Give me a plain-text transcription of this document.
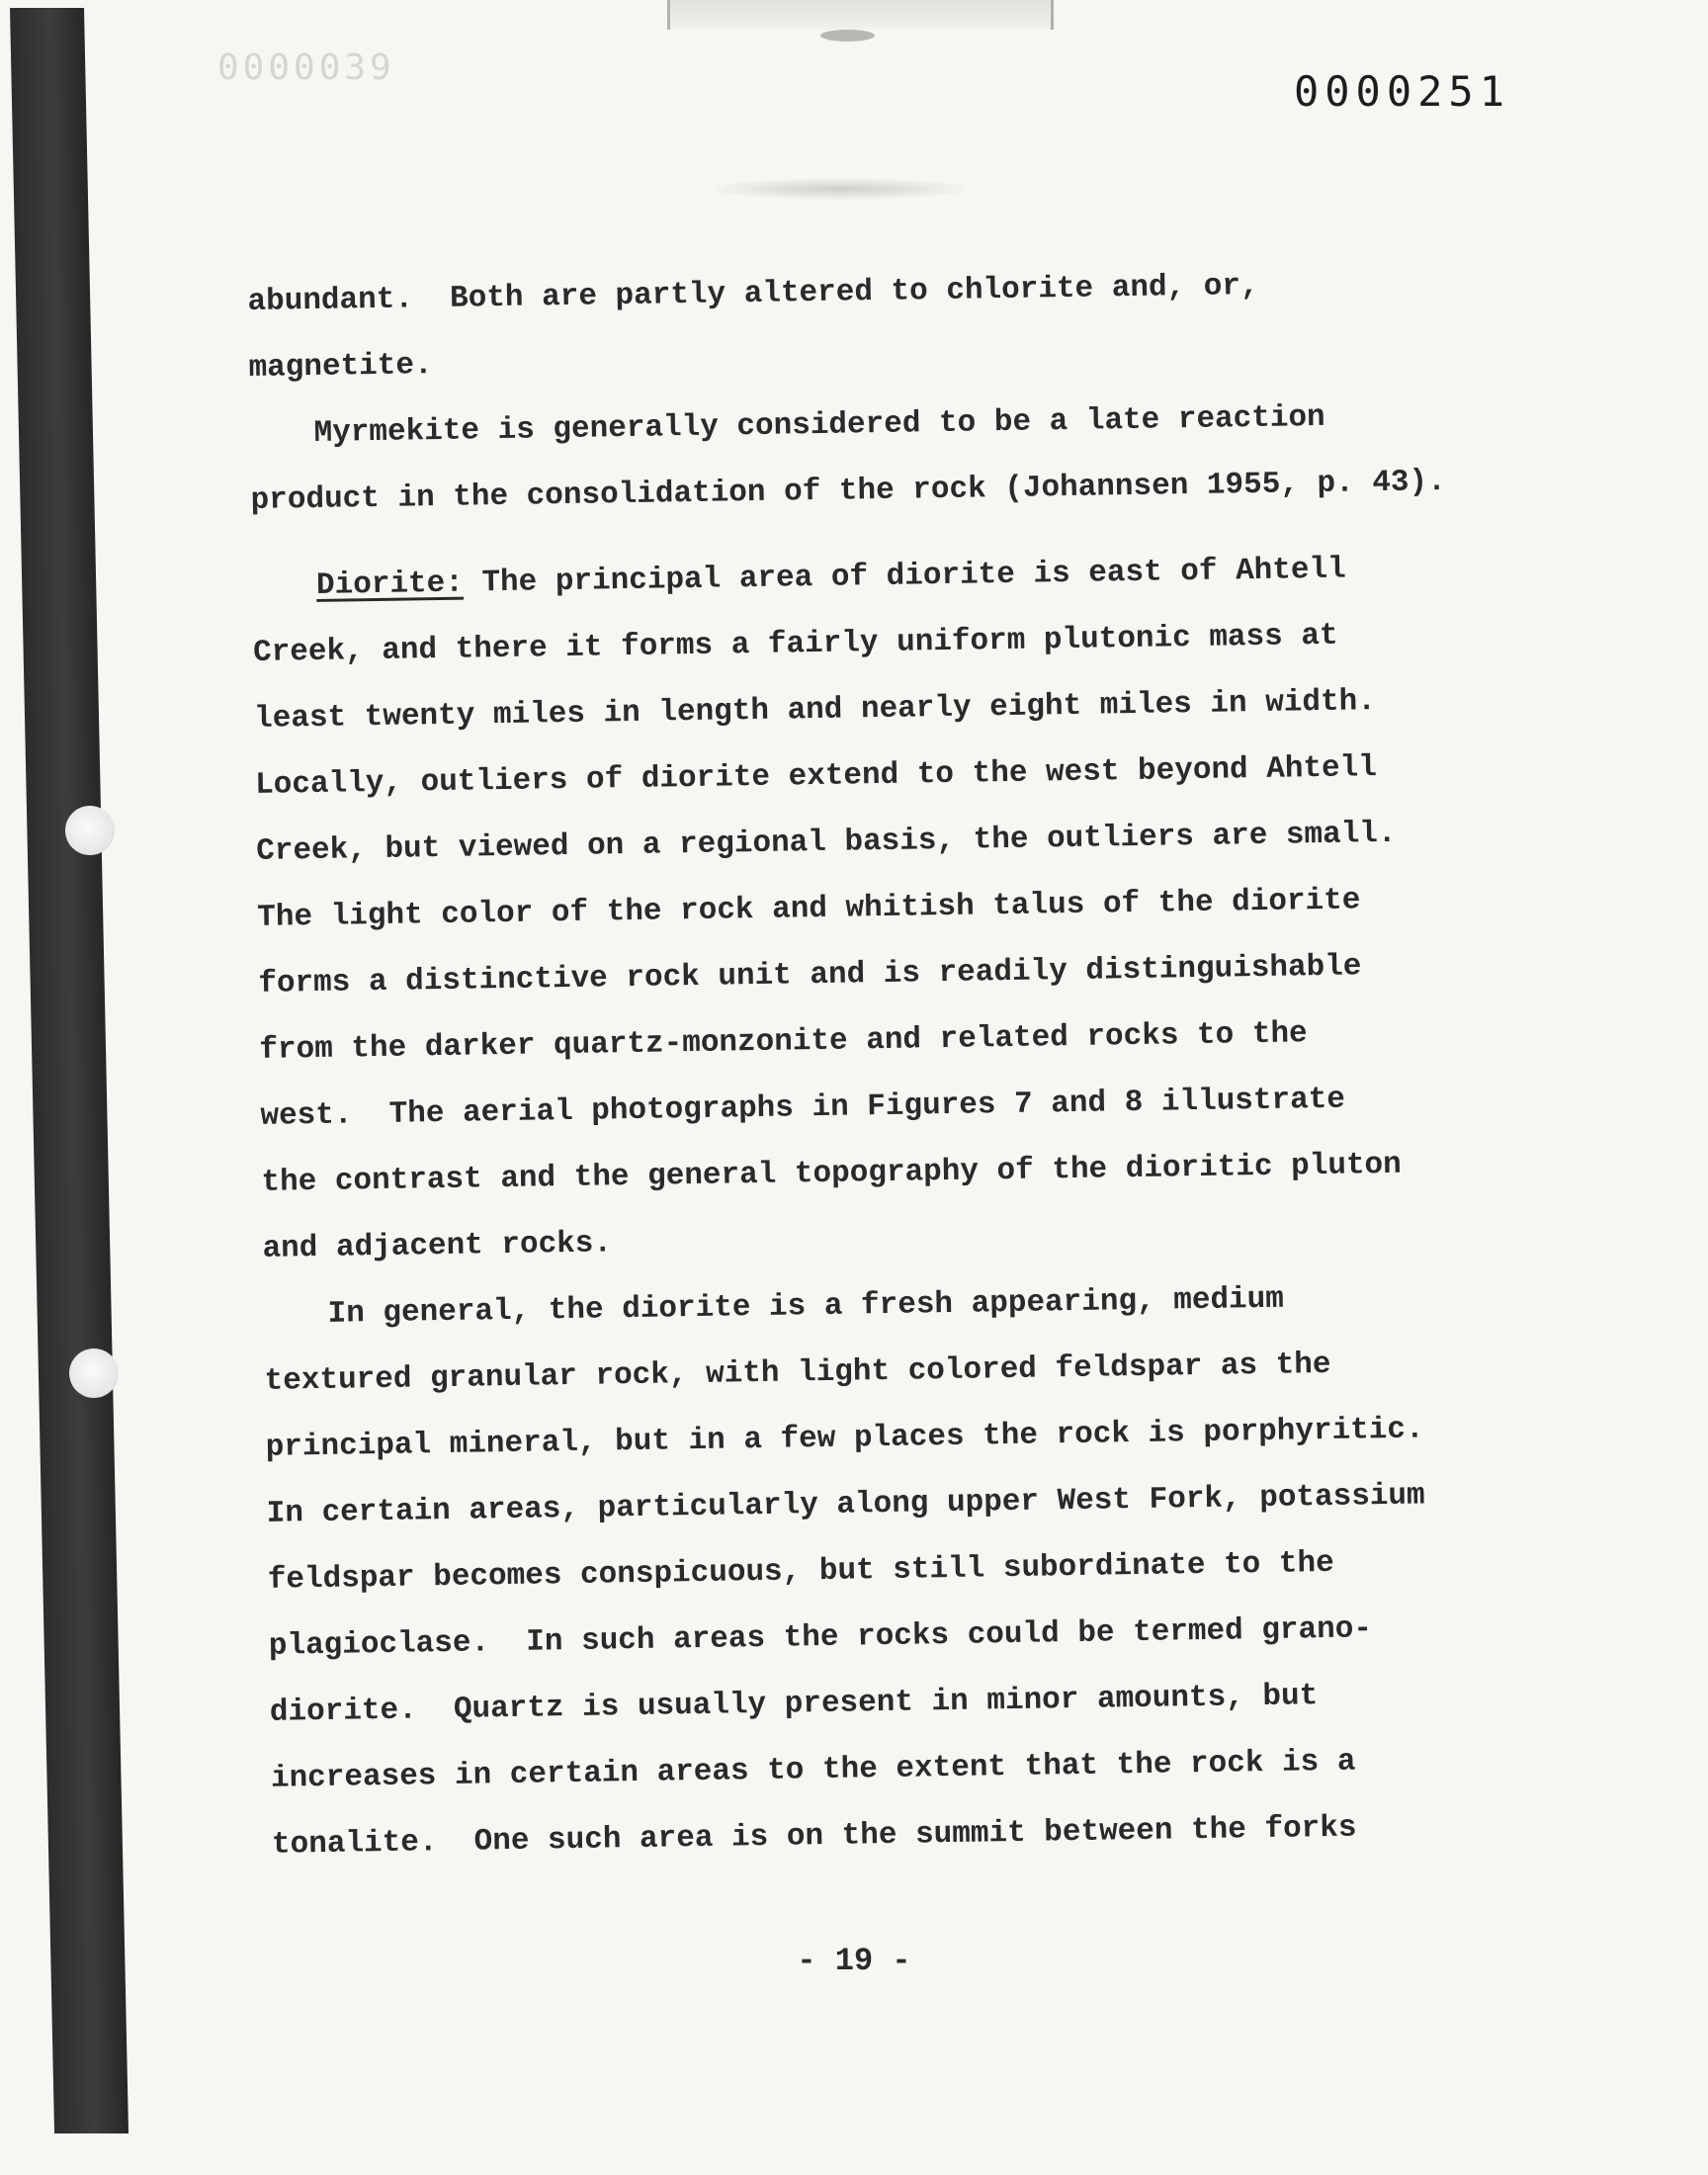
0000039	0000251
abundant.  Both are partly altered to chlorite and, or,
magnetite.
Myrmekite is generally considered to be a late reaction
product in the consolidation of the rock (Johannsen 1955, p. 43).
Diorite: The principal area of diorite is east of Ahtell
Creek, and there it forms a fairly uniform plutonic mass at
least twenty miles in length and nearly eight miles in width.
Locally, outliers of diorite extend to the west beyond Ahtell
Creek, but viewed on a regional basis, the outliers are small.
The light color of the rock and whitish talus of the diorite
forms a distinctive rock unit and is readily distinguishable
from the darker quartz-monzonite and related rocks to the
west.  The aerial photographs in Figures 7 and 8 illustrate
the contrast and the general topography of the dioritic pluton
and adjacent rocks.
In general, the diorite is a fresh appearing, medium
textured granular rock, with light colored feldspar as the
principal mineral, but in a few places the rock is porphyritic.
In certain areas, particularly along upper West Fork, potassium
feldspar becomes conspicuous, but still subordinate to the
plagioclase.  In such areas the rocks could be termed grano-
diorite.  Quartz is usually present in minor amounts, but
increases in certain areas to the extent that the rock is a
tonalite.  One such area is on the summit between the forks
- 19 -
